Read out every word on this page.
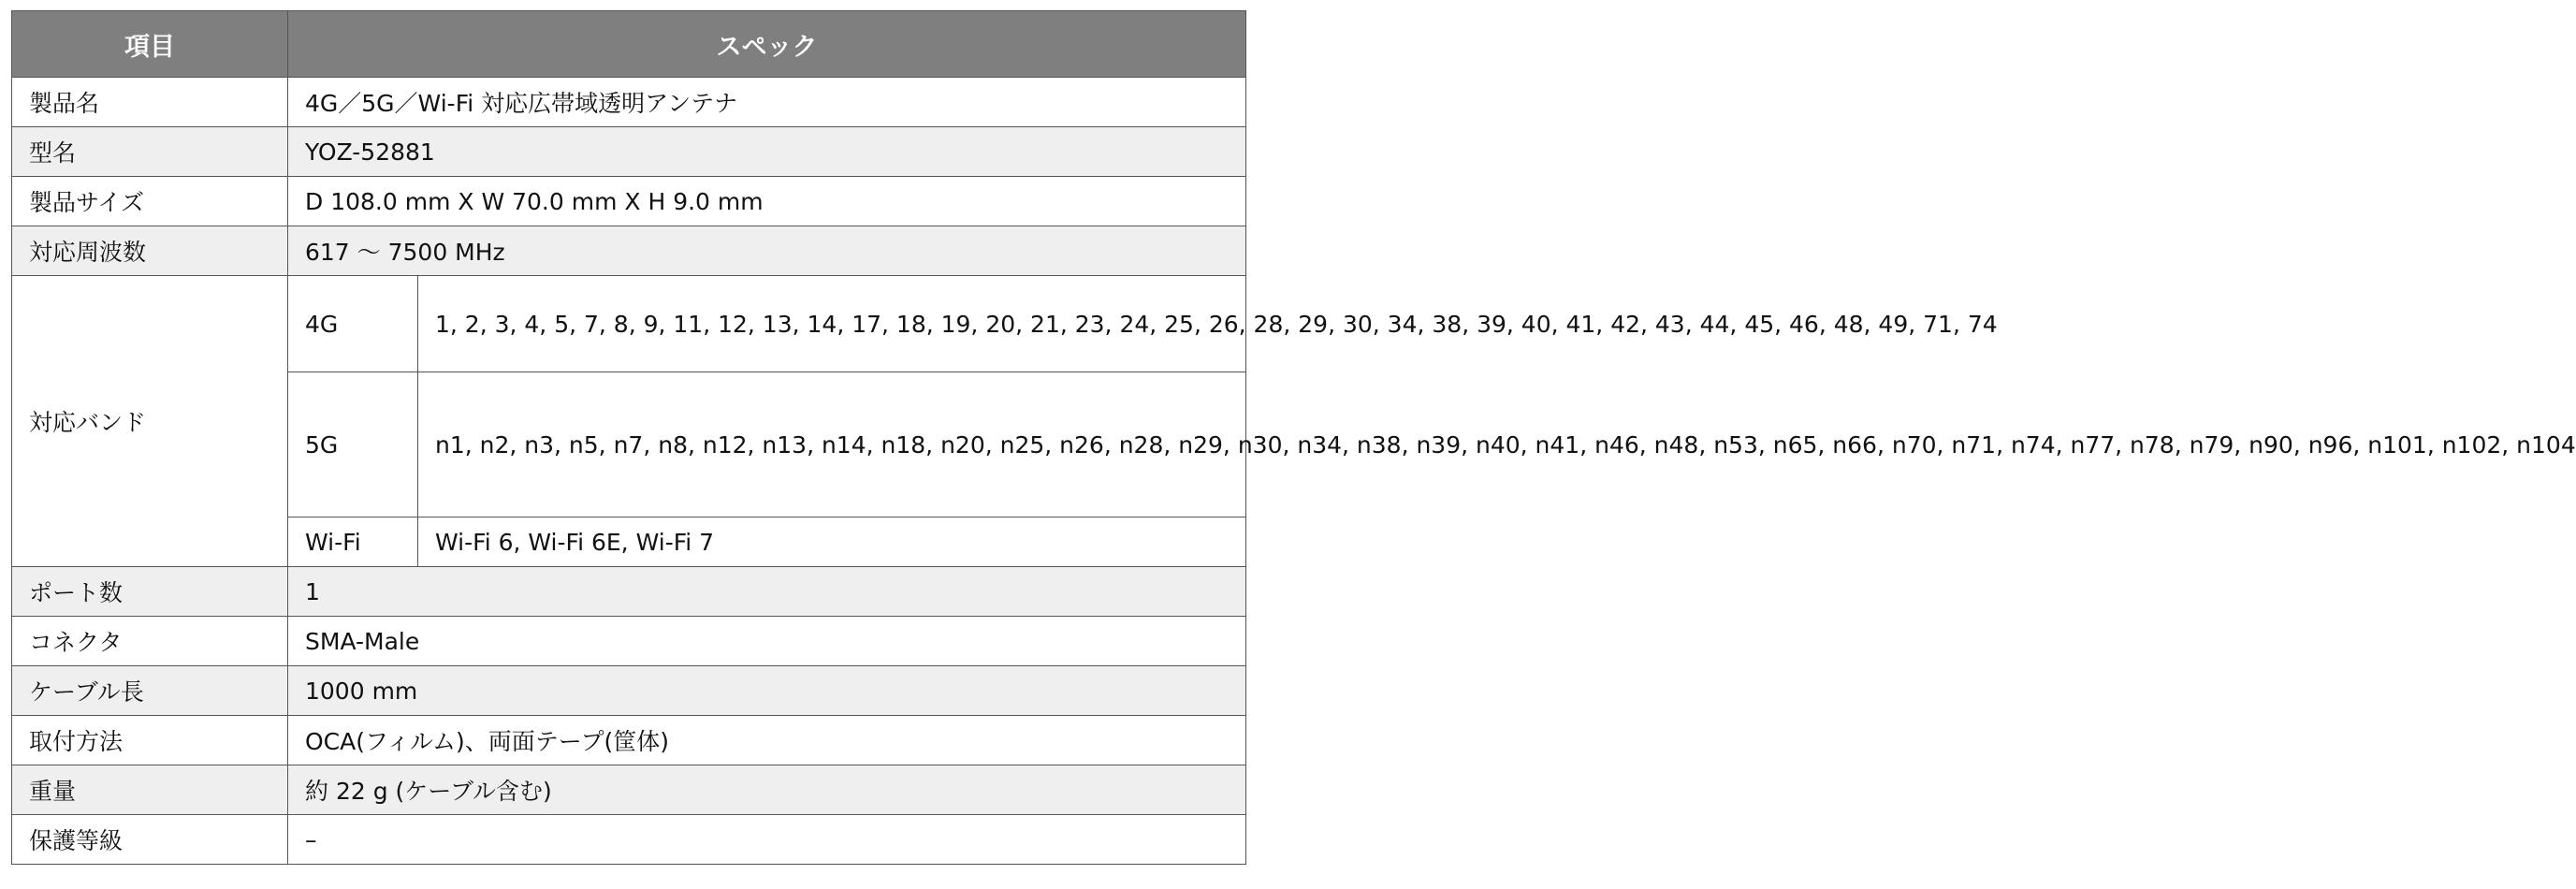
項目	スペック	
製品名	4G／5G／Wi-Fi 対応広帯域透明アンテナ	
型名	YOZ-52881	
製品サイズ	D 108.0 mm X W 70.0 mm X H 9.0 mm	
対応周波数	617 ～ 7500 MHz	
対応バンド	4G	1, 2, 3, 4, 5, 7, 8, 9, 11, 12, 13, 14, 17, 18, 19, 20, 21, 23, 24, 25, 26, 28, 29, 30, 34, 38, 39, 40, 41, 42, 43, 44, 45, 46, 48, 49, 71, 74
	5G	n1, n2, n3, n5, n7, n8, n12, n13, n14, n18, n20, n25, n26, n28, n29, n30, n34, n38, n39, n40, n41, n46, n48, n53, n65, n66, n70, n71, n74, n77, n78, n79, n90, n96, n101, n102, n104
	Wi-Fi	Wi-Fi 6, Wi-Fi 6E, Wi-Fi 7
ポート数	1	
コネクタ	SMA-Male	
ケーブル長	1000 mm	
取付方法	OCA(フィルム)、両面テープ(筐体)	
重量	約 22 g (ケーブル含む)	
保護等級	–	
